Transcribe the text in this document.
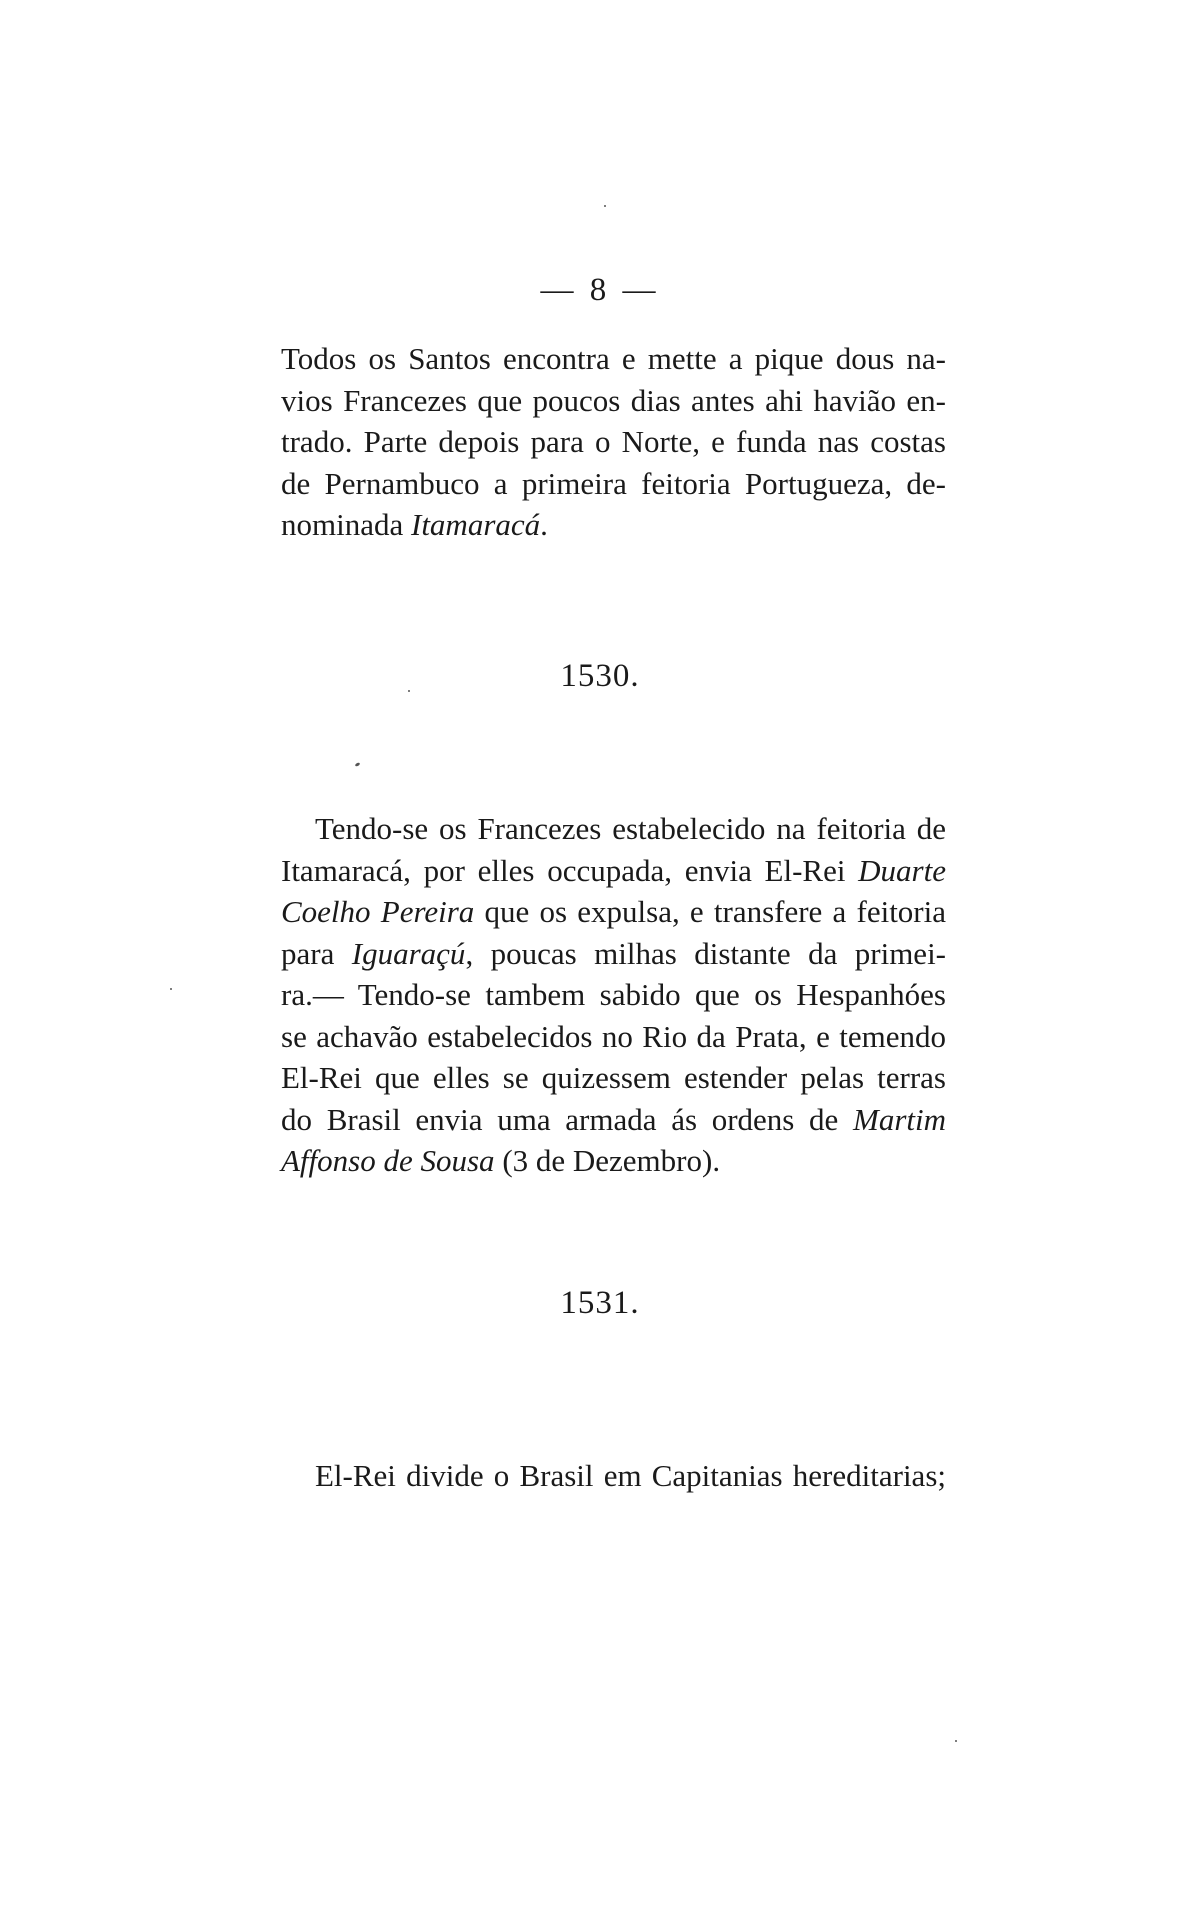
— 8 —

Todos os Santos encontra e mette a pique dous na-
vios Francezes que poucos dias antes ahi havião en-
trado. Parte depois para o Norte, e funda nas costas
de Pernambuco a primeira feitoria Portugueza, de-
nominada Itamaracá.

1530.

Tendo-se os Francezes estabelecido na feitoria de
Itamaracá, por elles occupada, envia El-Rei Duarte
Coelho Pereira que os expulsa, e transfere a feitoria
para Iguaraçú, poucas milhas distante da primei-
ra.— Tendo-se tambem sabido que os Hespanhóes
se achavão estabelecidos no Rio da Prata, e temendo
El-Rei que elles se quizessem estender pelas terras
do Brasil envia uma armada ás ordens de Martim
Affonso de Sousa (3 de Dezembro).

1531.

El-Rei divide o Brasil em Capitanias hereditarias;
